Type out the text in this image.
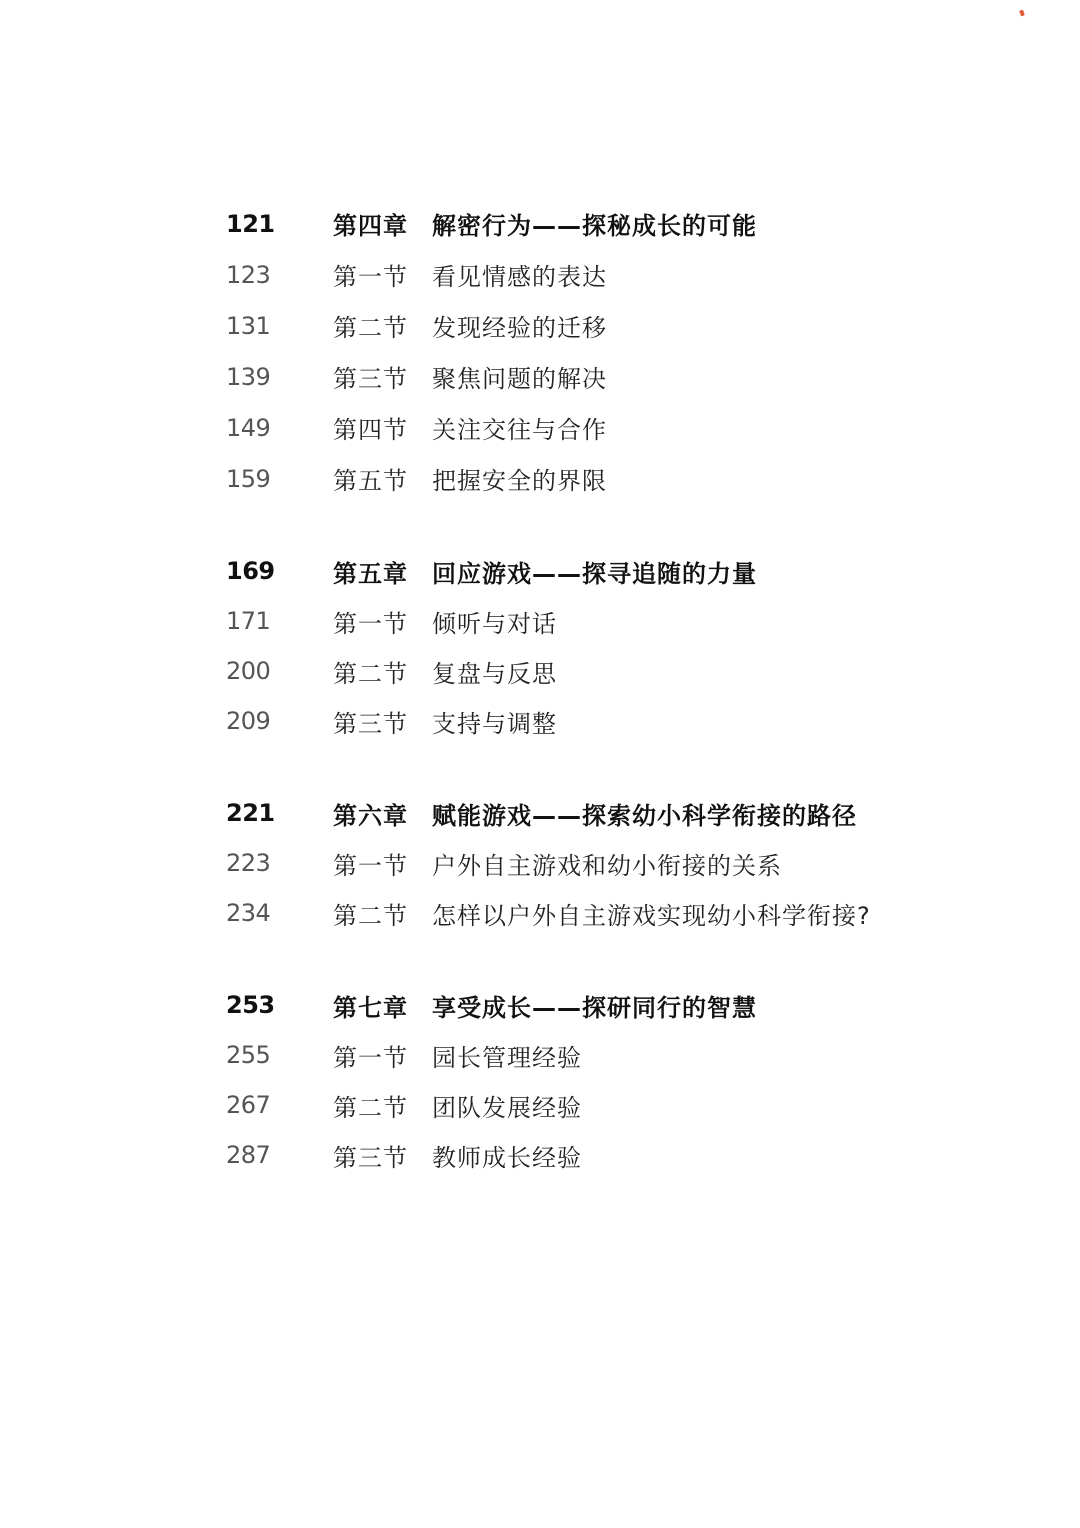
121	第四章	解密行为——探秘成长的可能
123	第一节	看见情感的表达
131	第二节	发现经验的迁移
139	第三节	聚焦问题的解决
149	第四节	关注交往与合作
159	第五节	把握安全的界限
169	第五章	回应游戏——探寻追随的力量
171	第一节	倾听与对话
200	第二节	复盘与反思
209	第三节	支持与调整
221	第六章	赋能游戏——探索幼小科学衔接的路径
223	第一节	户外自主游戏和幼小衔接的关系
234	第二节	怎样以户外自主游戏实现幼小科学衔接?
253	第七章	享受成长——探研同行的智慧
255	第一节	园长管理经验
267	第二节	团队发展经验
287	第三节	教师成长经验
